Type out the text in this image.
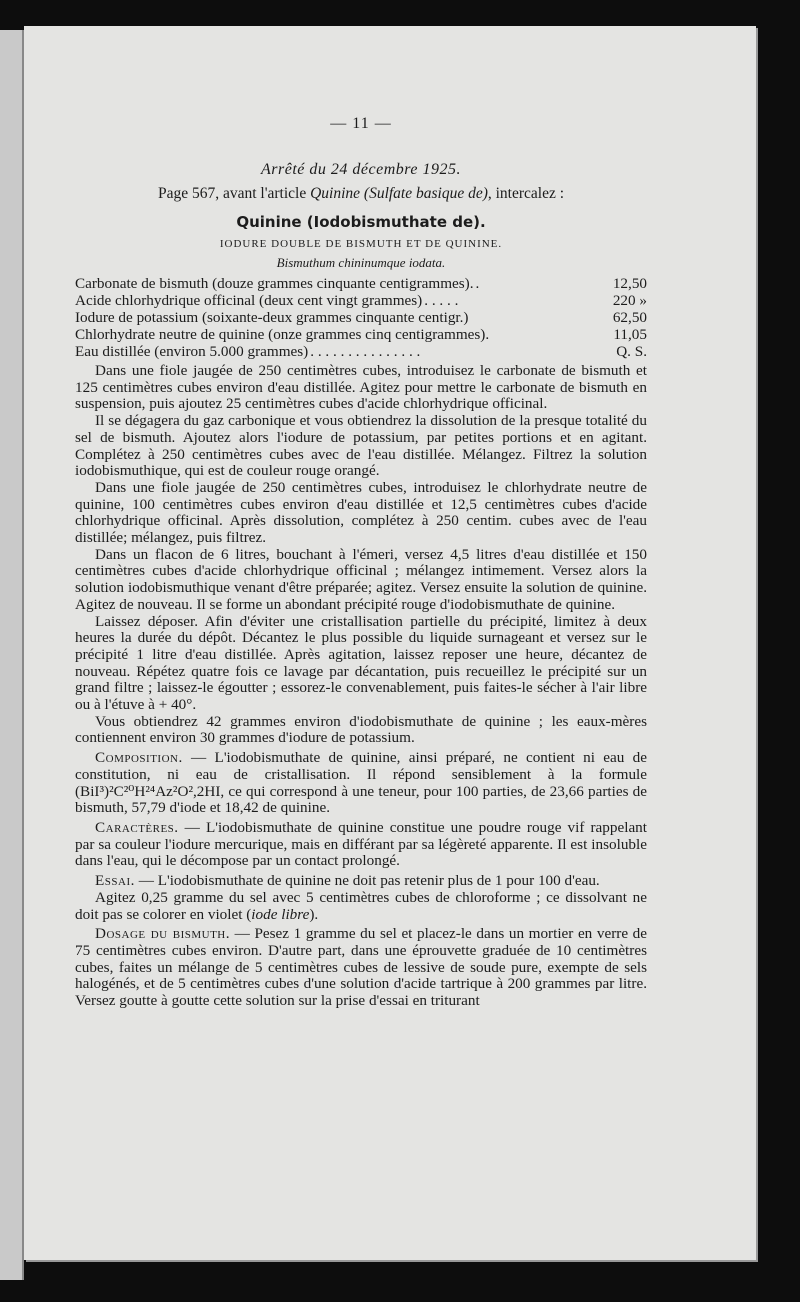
— 11 —
Arrêté du 24 décembre 1925.
Page 567, avant l'article Quinine (Sulfate basique de), intercalez :
Quinine (Iodobismuthate de).
IODURE DOUBLE DE BISMUTH ET DE QUININE.
Bismuthum chininumque iodata.
Carbonate de bismuth (douze grammes cinquante centigrammes). .	12,50
Acide chlorhydrique officinal (deux cent vingt grammes) . . . . .	220 »
Iodure de potassium (soixante-deux grammes cinquante centigr.)	62,50
Chlorhydrate neutre de quinine (onze grammes cinq centigrammes).	11,05
Eau distillée (environ 5.000 grammes) . . . . . . . . . . . . . . .	Q. S.

Dans une fiole jaugée de 250 centimètres cubes, introduisez le carbonate de bismuth et 125 centimètres cubes environ d'eau distillée. Agitez pour mettre le carbonate de bismuth en suspension, puis ajoutez 25 centimètres cubes d'acide chlorhydrique officinal.

Il se dégagera du gaz carbonique et vous obtiendrez la dissolution de la presque totalité du sel de bismuth. Ajoutez alors l'iodure de potassium, par petites portions et en agitant. Complétez à 250 centimètres cubes avec de l'eau distillée. Mélangez. Filtrez la solution iodobismuthique, qui est de couleur rouge orangé.

Dans une fiole jaugée de 250 centimètres cubes, introduisez le chlorhydrate neutre de quinine, 100 centimètres cubes environ d'eau distillée et 12,5 centimètres cubes d'acide chlorhydrique officinal. Après dissolution, complétez à 250 centim. cubes avec de l'eau distillée; mélangez, puis filtrez.

Dans un flacon de 6 litres, bouchant à l'émeri, versez 4,5 litres d'eau distillée et 150 centimètres cubes d'acide chlorhydrique officinal ; mélangez intimement. Versez alors la solution iodobismuthique venant d'être préparée; agitez. Versez ensuite la solution de quinine. Agitez de nouveau. Il se forme un abondant précipité rouge d'iodobismuthate de quinine.

Laissez déposer. Afin d'éviter une cristallisation partielle du précipité, limitez à deux heures la durée du dépôt. Décantez le plus possible du liquide surnageant et versez sur le précipité 1 litre d'eau distillée. Après agitation, laissez reposer une heure, décantez de nouveau. Répétez quatre fois ce lavage par décantation, puis recueillez le précipité sur un grand filtre ; laissez-le égoutter ; essorez-le convenablement, puis faites-le sécher à l'air libre ou à l'étuve à + 40°.

Vous obtiendrez 42 grammes environ d'iodobismuthate de quinine ; les eaux-mères contiennent environ 30 grammes d'iodure de potassium.

Composition. — L'iodobismuthate de quinine, ainsi préparé, ne contient ni eau de constitution, ni eau de cristallisation. Il répond sensiblement à la formule (BiI³)²C²⁰H²⁴Az²O²,2HI, ce qui correspond à une teneur, pour 100 parties, de 23,66 parties de bismuth, 57,79 d'iode et 18,42 de quinine.

Caractères. — L'iodobismuthate de quinine constitue une poudre rouge vif rappelant par sa couleur l'iodure mercurique, mais en différant par sa légèreté apparente. Il est insoluble dans l'eau, qui le décompose par un contact prolongé.

Essai. — L'iodobismuthate de quinine ne doit pas retenir plus de 1 pour 100 d'eau.

Agitez 0,25 gramme du sel avec 5 centimètres cubes de chloroforme ; ce dissolvant ne doit pas se colorer en violet (iode libre).

Dosage du bismuth. — Pesez 1 gramme du sel et placez-le dans un mortier en verre de 75 centimètres cubes environ. D'autre part, dans une éprouvette graduée de 10 centimètres cubes, faites un mélange de 5 centimètres cubes de lessive de soude pure, exempte de sels halogénés, et de 5 centimètres cubes d'une solution d'acide tartrique à 200 grammes par litre. Versez goutte à goutte cette solution sur la prise d'essai en triturant
